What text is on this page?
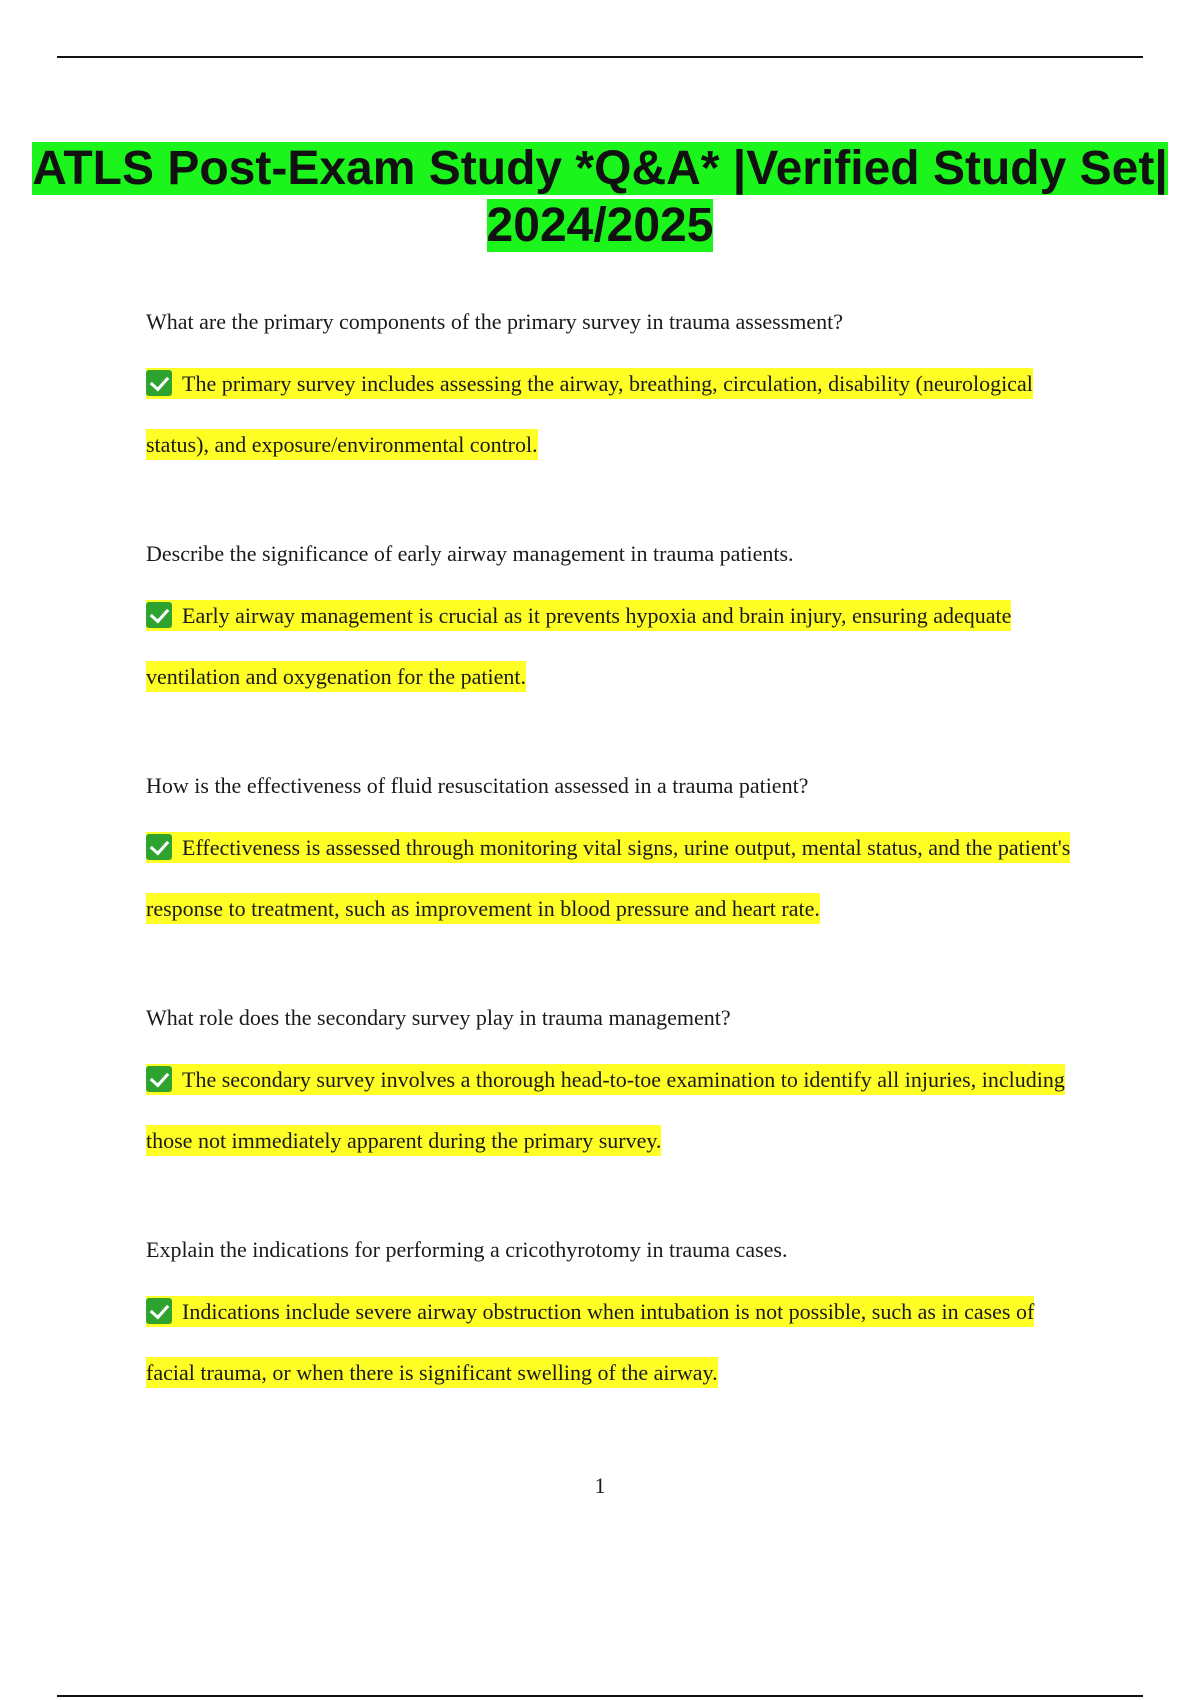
ATLS Post-Exam Study *Q&A* |Verified Study Set| 2024/2025

What are the primary components of the primary survey in trauma assessment?

The primary survey includes assessing the airway, breathing, circulation, disability (neurological status), and exposure/environmental control.

Describe the significance of early airway management in trauma patients.

Early airway management is crucial as it prevents hypoxia and brain injury, ensuring adequate ventilation and oxygenation for the patient.

How is the effectiveness of fluid resuscitation assessed in a trauma patient?

Effectiveness is assessed through monitoring vital signs, urine output, mental status, and the patient's response to treatment, such as improvement in blood pressure and heart rate.

What role does the secondary survey play in trauma management?

The secondary survey involves a thorough head-to-toe examination to identify all injuries, including those not immediately apparent during the primary survey.

Explain the indications for performing a cricothyrotomy in trauma cases.

Indications include severe airway obstruction when intubation is not possible, such as in cases of facial trauma, or when there is significant swelling of the airway.
1
